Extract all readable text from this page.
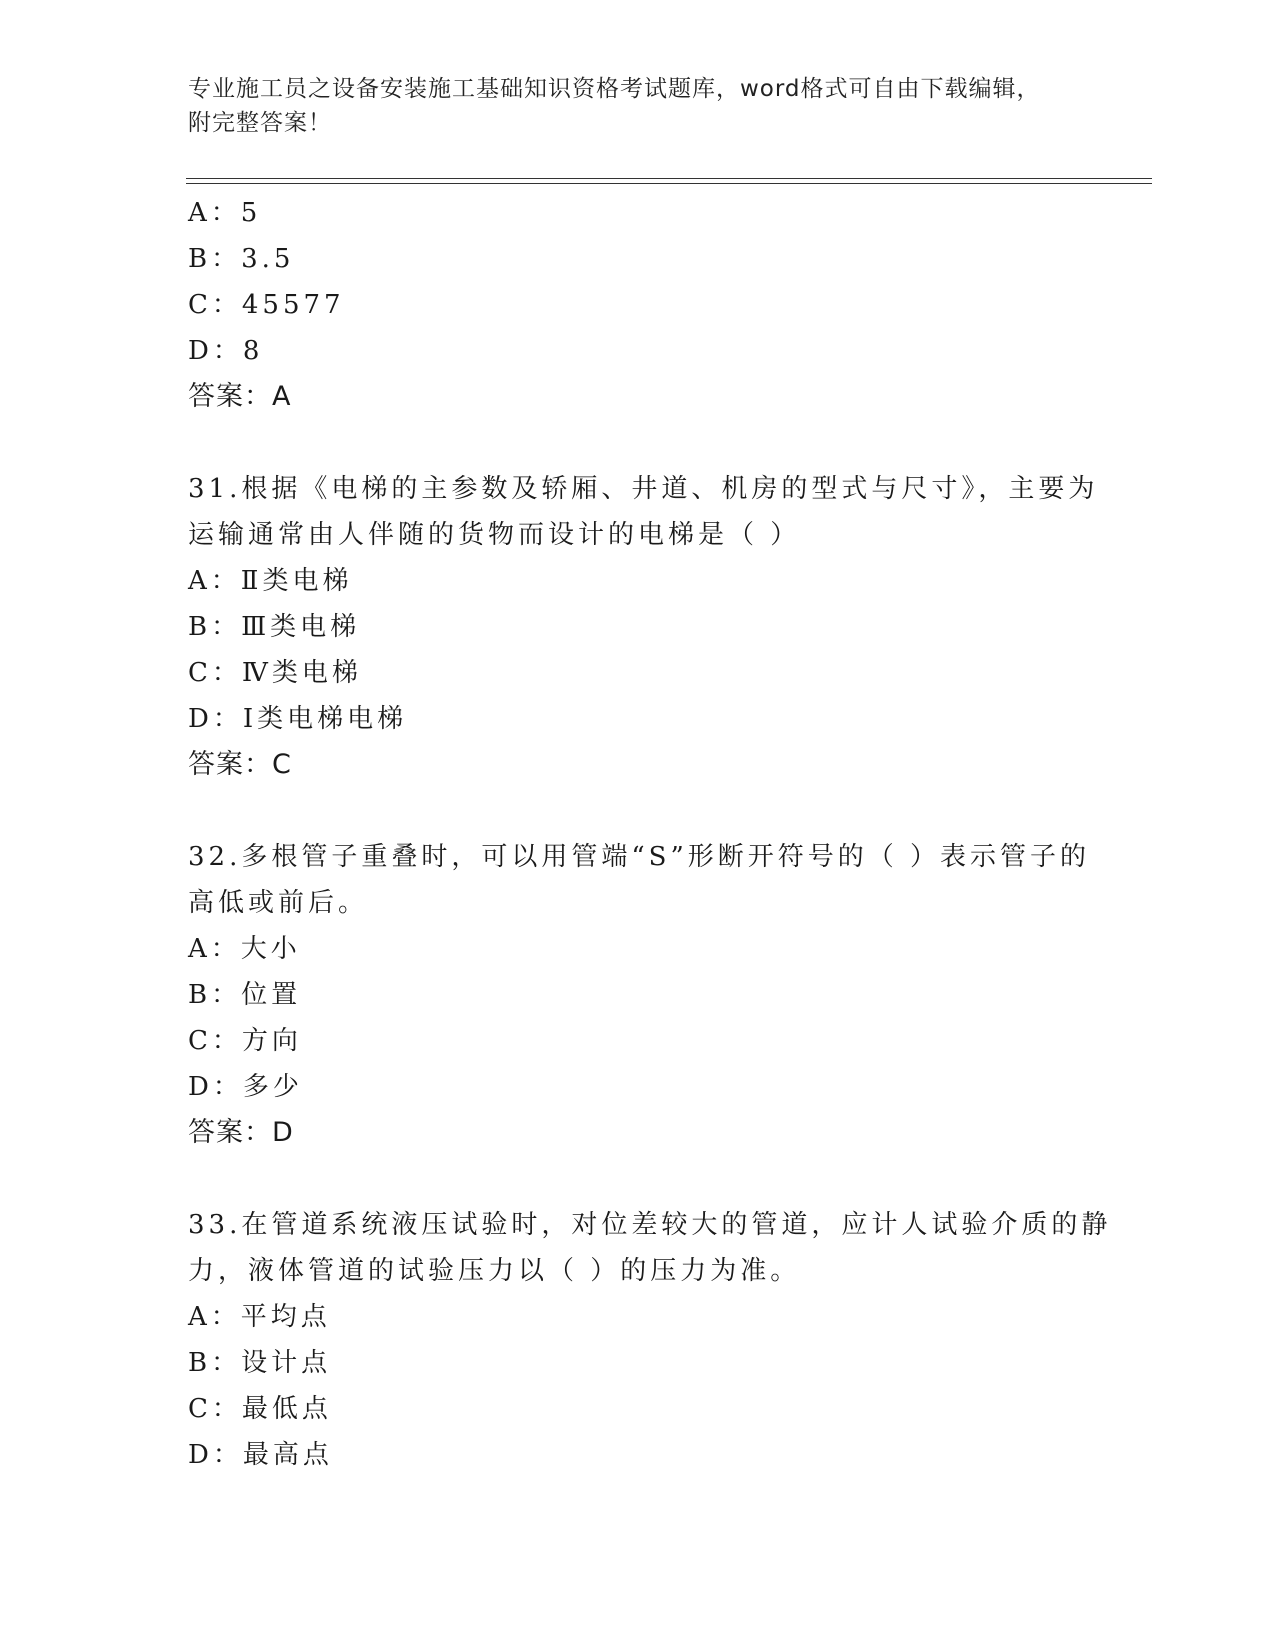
专业施工员之设备安装施工基础知识资格考试题库，word格式可自由下载编辑，
附完整答案！
A：5
B：3.5
C：45577
D：8
答案：A
31.根据《电梯的主参数及轿厢、井道、机房的型式与尺寸》，主要为
运输通常由人伴随的货物而设计的电梯是（ ）
A：Ⅱ类电梯
B：Ⅲ类电梯
C：Ⅳ类电梯
D：Ⅰ类电梯电梯
答案：C
32.多根管子重叠时，可以用管端“S”形断开符号的（ ）表示管子的
高低或前后。
A：大小
B：位置
C：方向
D：多少
答案：D
33.在管道系统液压试验时，对位差较大的管道，应计人试验介质的静
力，液体管道的试验压力以（ ）的压力为准。
A：平均点
B：设计点
C：最低点
D：最高点
